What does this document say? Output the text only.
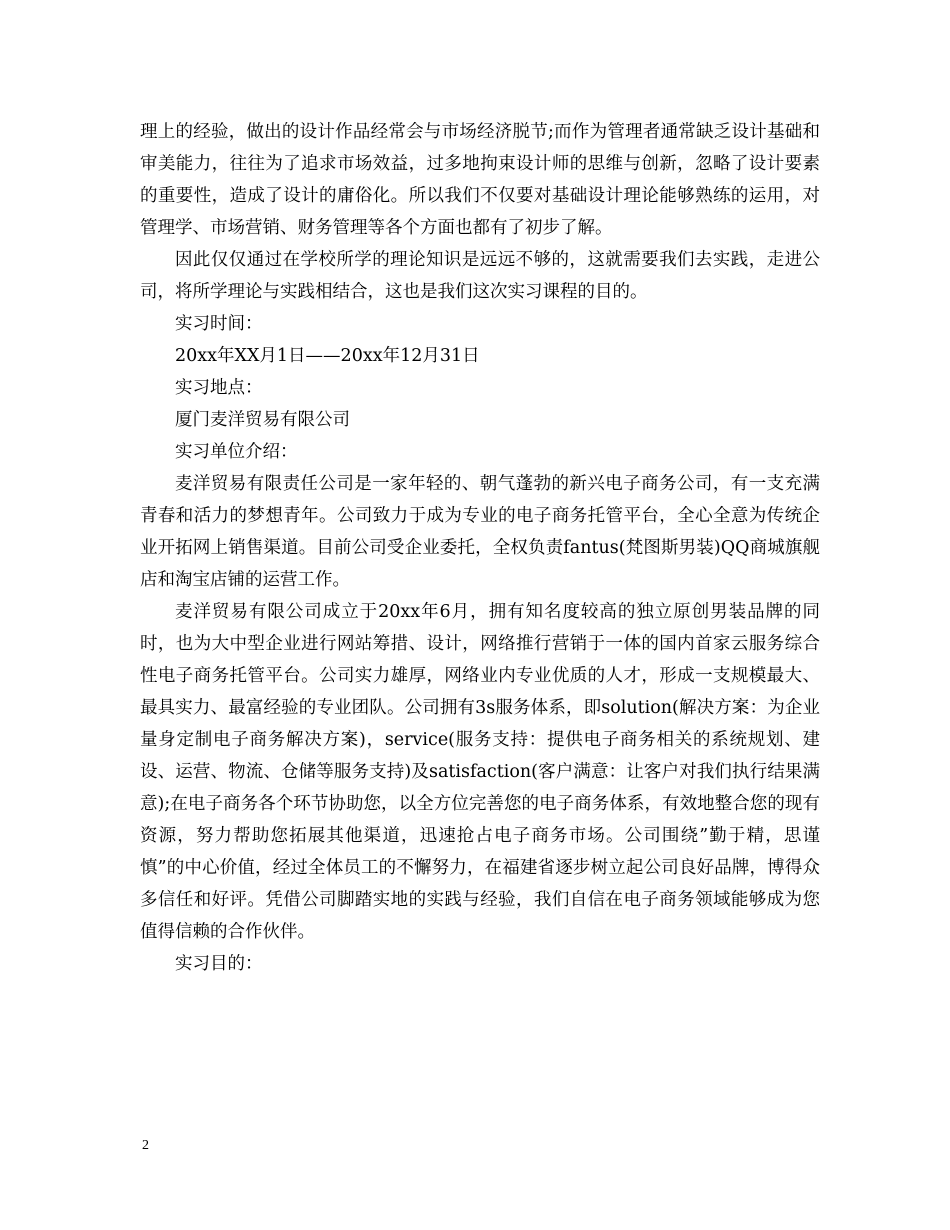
理上的经验，做出的设计作品经常会与市场经济脱节;而作为管理者通常缺乏设计基础和审美能力，往往为了追求市场效益，过多地拘束设计师的思维与创新，忽略了设计要素的重要性，造成了设计的庸俗化。所以我们不仅要对基础设计理论能够熟练的运用，对管理学、市场营销、财务管理等各个方面也都有了初步了解。

因此仅仅通过在学校所学的理论知识是远远不够的，这就需要我们去实践，走进公司，将所学理论与实践相结合，这也是我们这次实习课程的目的。

实习时间：

20xx年XX月1日——20xx年12月31日

实习地点：

厦门麦洋贸易有限公司

实习单位介绍：

麦洋贸易有限责任公司是一家年轻的、朝气蓬勃的新兴电子商务公司，有一支充满青春和活力的梦想青年。公司致力于成为专业的电子商务托管平台，全心全意为传统企业开拓网上销售渠道。目前公司受企业委托，全权负责fantus(梵图斯男装)QQ商城旗舰店和淘宝店铺的运营工作。

麦洋贸易有限公司成立于20xx年6月，拥有知名度较高的独立原创男装品牌的同时，也为大中型企业进行网站筹措、设计，网络推行营销于一体的国内首家云服务综合性电子商务托管平台。公司实力雄厚，网络业内专业优质的人才，形成一支规模最大、最具实力、最富经验的专业团队。公司拥有3s服务体系，即solution(解决方案：为企业量身定制电子商务解决方案)，service(服务支持：提供电子商务相关的系统规划、建设、运营、物流、仓储等服务支持)及satisfaction(客户满意：让客户对我们执行结果满意);在电子商务各个环节协助您，以全方位完善您的电子商务体系，有效地整合您的现有资源，努力帮助您拓展其他渠道，迅速抢占电子商务市场。公司围绕”勤于精，思谨慎”的中心价值，经过全体员工的不懈努力，在福建省逐步树立起公司良好品牌，博得众多信任和好评。凭借公司脚踏实地的实践与经验，我们自信在电子商务领域能够成为您值得信赖的合作伙伴。

实习目的：

2
